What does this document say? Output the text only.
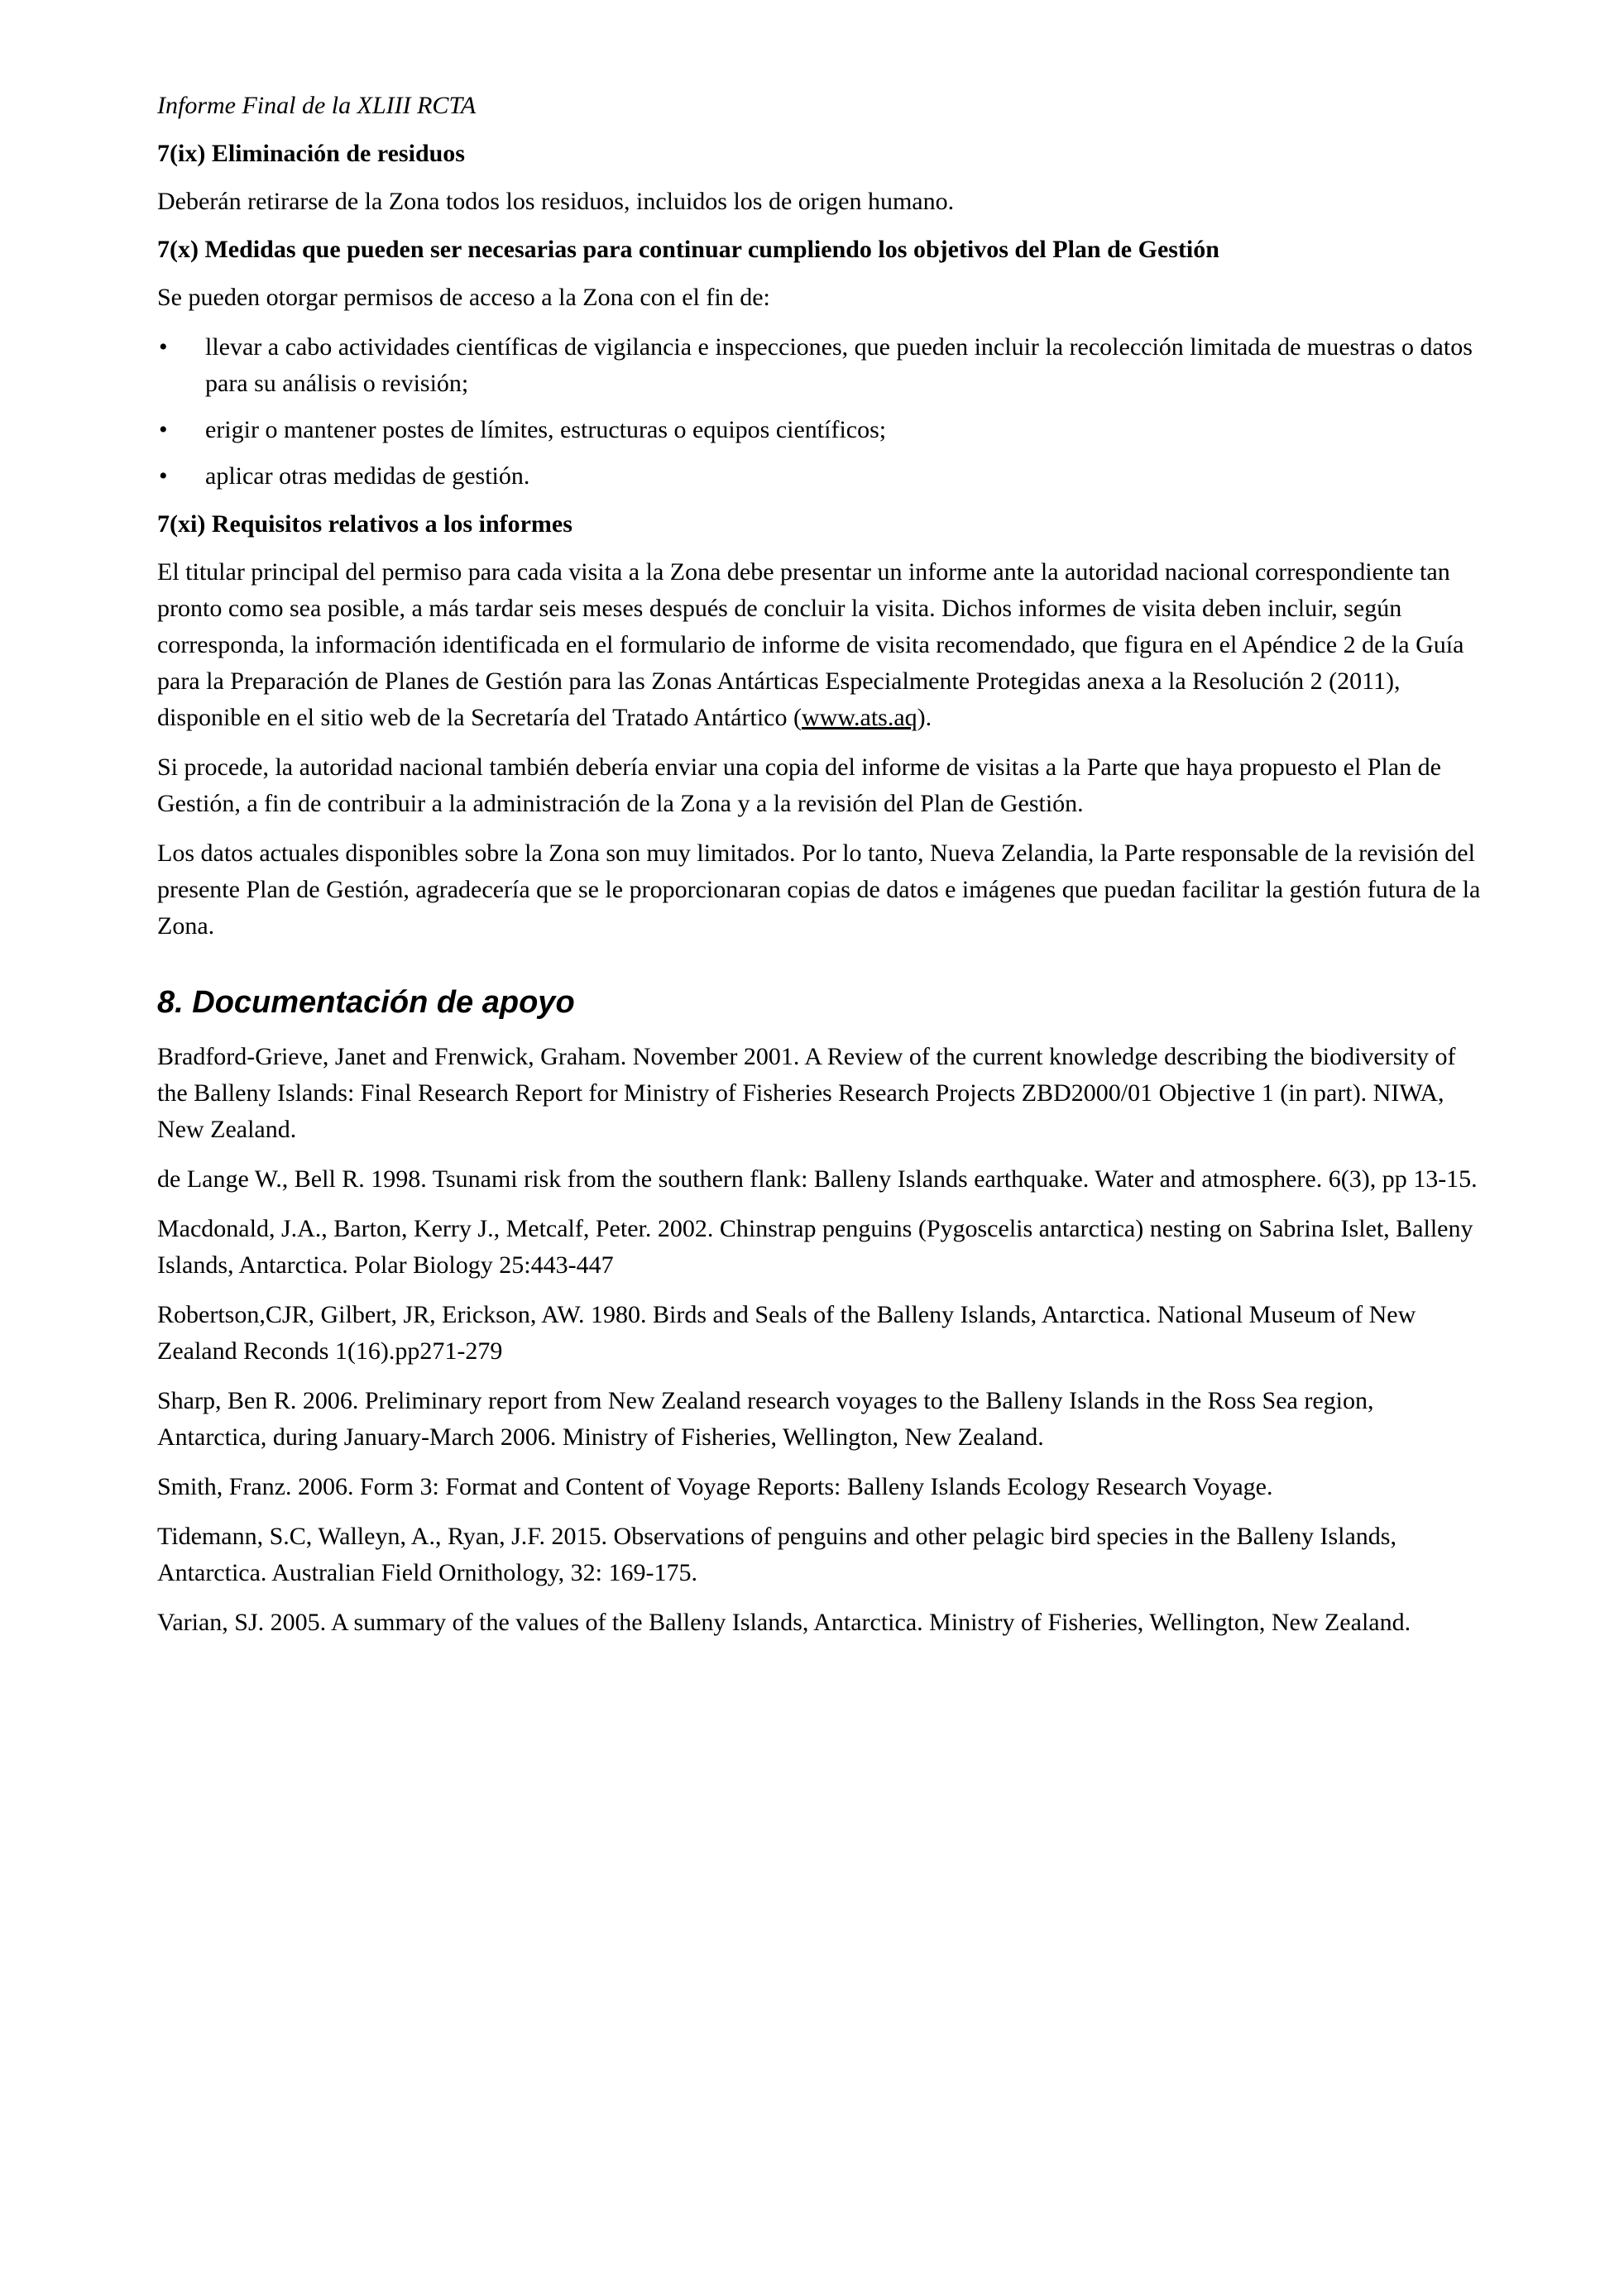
Informe Final de la XLIII RCTA
7(ix) Eliminación de residuos

Deberán retirarse de la Zona todos los residuos, incluidos los de origen humano.

7(x) Medidas que pueden ser necesarias para continuar cumpliendo los objetivos del Plan de Gestión

Se pueden otorgar permisos de acceso a la Zona con el fin de:

• llevar a cabo actividades científicas de vigilancia e inspecciones, que pueden incluir la recolección limitada de muestras o datos para su análisis o revisión;
• erigir o mantener postes de límites, estructuras o equipos científicos;
• aplicar otras medidas de gestión.
7(xi) Requisitos relativos a los informes

El titular principal del permiso para cada visita a la Zona debe presentar un informe ante la autoridad nacional correspondiente tan pronto como sea posible, a más tardar seis meses después de concluir la visita. Dichos informes de visita deben incluir, según corresponda, la información identificada en el formulario de informe de visita recomendado, que figura en el Apéndice 2 de la Guía para la Preparación de Planes de Gestión para las Zonas Antárticas Especialmente Protegidas anexa a la Resolución 2 (2011), disponible en el sitio web de la Secretaría del Tratado Antártico (www.ats.aq).

Si procede, la autoridad nacional también debería enviar una copia del informe de visitas a la Parte que haya propuesto el Plan de Gestión, a fin de contribuir a la administración de la Zona y a la revisión del Plan de Gestión.

Los datos actuales disponibles sobre la Zona son muy limitados. Por lo tanto, Nueva Zelandia, la Parte responsable de la revisión del presente Plan de Gestión, agradecería que se le proporcionaran copias de datos e imágenes que puedan facilitar la gestión futura de la Zona.

8. Documentación de apoyo
Bradford-Grieve, Janet and Frenwick, Graham. November 2001. A Review of the current knowledge describing the biodiversity of the Balleny Islands: Final Research Report for Ministry of Fisheries Research Projects ZBD2000/01 Objective 1 (in part). NIWA, New Zealand.
de Lange W., Bell R. 1998. Tsunami risk from the southern flank: Balleny Islands earthquake. Water and atmosphere. 6(3), pp 13-15.
Macdonald, J.A., Barton, Kerry J., Metcalf, Peter. 2002. Chinstrap penguins (Pygoscelis antarctica) nesting on Sabrina Islet, Balleny Islands, Antarctica. Polar Biology 25:443-447
Robertson,CJR, Gilbert, JR, Erickson, AW. 1980. Birds and Seals of the Balleny Islands, Antarctica. National Museum of New Zealand Reconds 1(16).pp271-279
Sharp, Ben R. 2006. Preliminary report from New Zealand research voyages to the Balleny Islands in the Ross Sea region, Antarctica, during January-March 2006. Ministry of Fisheries, Wellington, New Zealand.
Smith, Franz. 2006. Form 3: Format and Content of Voyage Reports: Balleny Islands Ecology Research Voyage.
Tidemann, S.C, Walleyn, A., Ryan, J.F. 2015. Observations of penguins and other pelagic bird species in the Balleny Islands, Antarctica. Australian Field Ornithology, 32: 169-175.
Varian, SJ. 2005. A summary of the values of the Balleny Islands, Antarctica. Ministry of Fisheries, Wellington, New Zealand.
